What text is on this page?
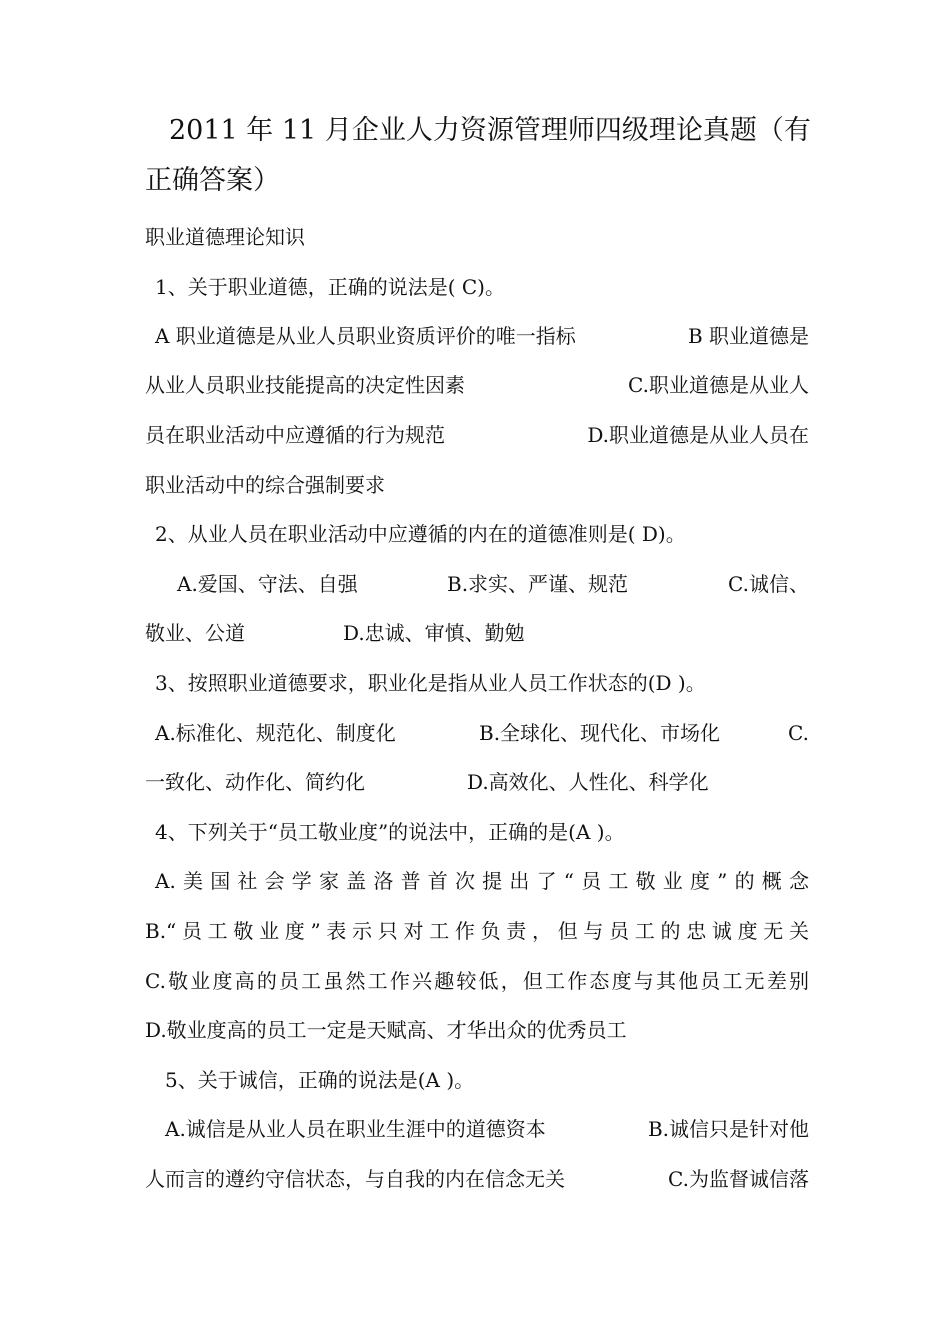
2011 年 11 月企业人力资源管理师四级理论真题（有
正确答案）
职业道德理论知识
1、关于职业道德，正确的说法是( C)。
A 职业道德是从业人员职业资质评价的唯一指标	B 职业道德是
从业人员职业技能提高的决定性因素	C.职业道德是从业人
员在职业活动中应遵循的行为规范	D.职业道德是从业人员在
职业活动中的综合强制要求
2、从业人员在职业活动中应遵循的内在的道德准则是( D)。
A.爱国、守法、自强	B.求实、严谨、规范	C.诚信、
敬业、公道	D.忠诚、审慎、勤勉
3、按照职业道德要求，职业化是指从业人员工作状态的(D )。
A.标准化、规范化、制度化	B.全球化、现代化、市场化	C.
一致化、动作化、简约化	D.高效化、人性化、科学化
4、下列关于“员工敬业度”的说法中，正确的是(A )。
A.美国社会学家盖洛普首次提出了“员工敬业度”的概念
B.“员工敬业度”表示只对工作负责，但与员工的忠诚度无关
C.敬业度高的员工虽然工作兴趣较低，但工作态度与其他员工无差别
D.敬业度高的员工一定是天赋高、才华出众的优秀员工
5、关于诚信，正确的说法是(A )。
A.诚信是从业人员在职业生涯中的道德资本	B.诚信只是针对他
人而言的遵约守信状态，与自我的内在信念无关	C.为监督诚信落
